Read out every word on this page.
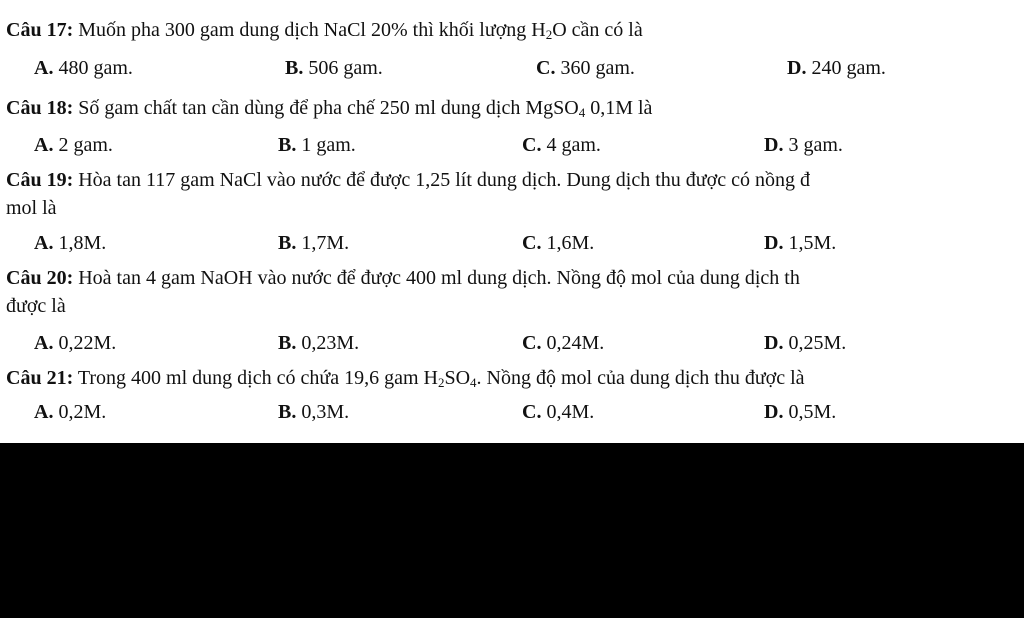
Câu 17: Muốn pha 300 gam dung dịch NaCl 20% thì khối lượng $H_2O$ cần có là
A. 480 gam.	B. 506 gam.	C. 360 gam.	D. 240 gam.
Câu 18: Số gam chất tan cần dùng để pha chế 250 ml dung dịch MgSO$_4$ 0,1M là
A. 2 gam.	B. 1 gam.	C. 4 gam.	D. 3 gam.
Câu 19: Hòa tan 117 gam NaCl vào nước để được 1,25 lít dung dịch. Dung dịch thu được có nồng đ
mol là
A. 1,8M.	B. 1,7M.	C. 1,6M.	D. 1,5M.
Câu 20: Hoà tan 4 gam NaOH vào nước để được 400 ml dung dịch. Nồng độ mol của dung dịch th
được là
A. 0,22M.	B. 0,23M.	C. 0,24M.	D. 0,25M.
Câu 21: Trong 400 ml dung dịch có chứa 19,6 gam $H_2SO_4$. Nồng độ mol của dung dịch thu được là
A. 0,2M.	B. 0,3M.	C. 0,4M.	D. 0,5M.
